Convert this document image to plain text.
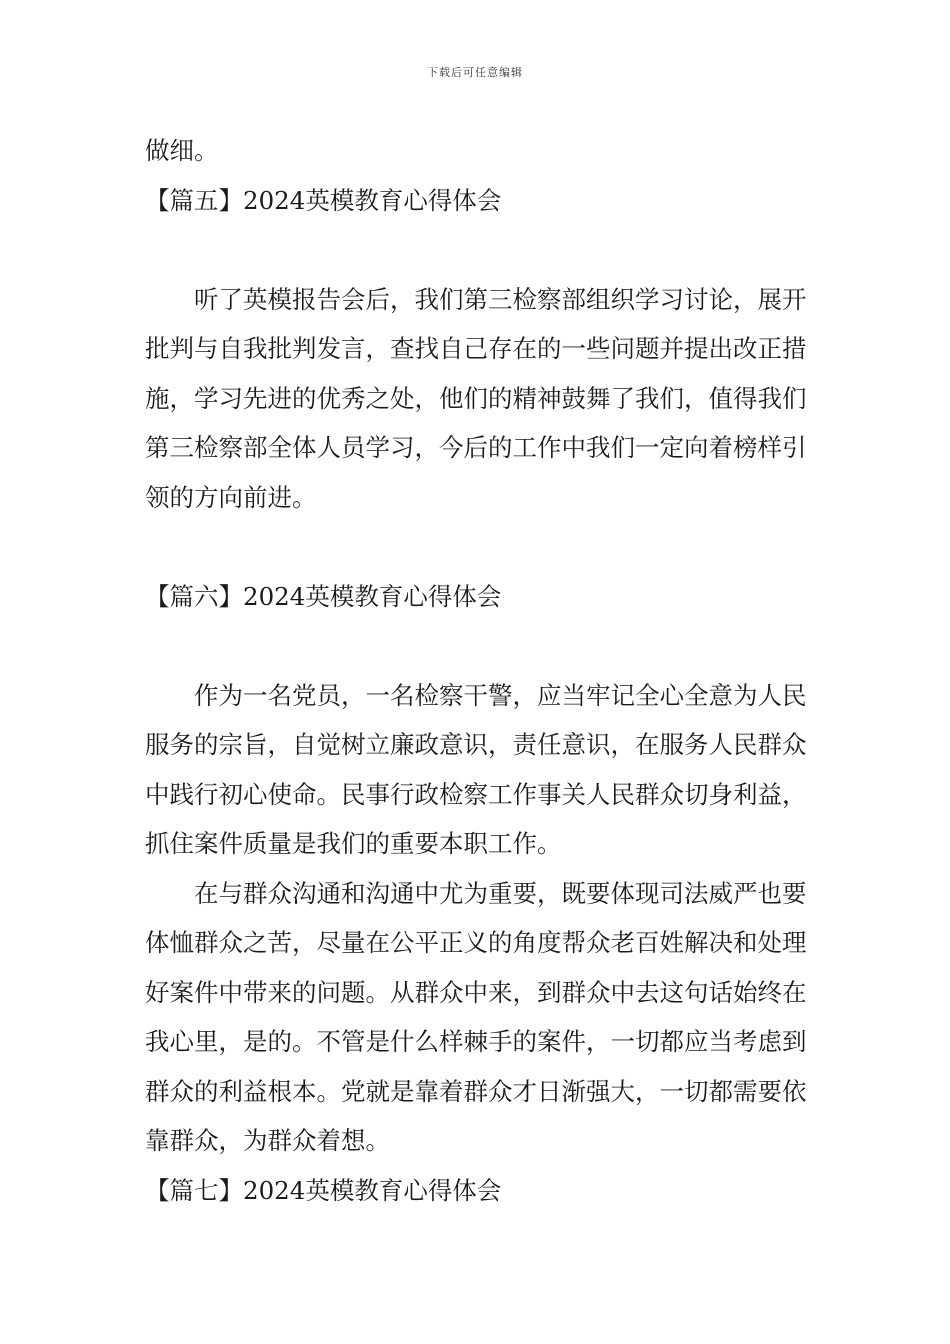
下载后可任意编辑

做细。

【篇五】2024英模教育心得体会

听了英模报告会后，我们第三检察部组织学习讨论，展开批判与自我批判发言，查找自己存在的一些问题并提出改正措施，学习先进的优秀之处，他们的精神鼓舞了我们，值得我们第三检察部全体人员学习，今后的工作中我们一定向着榜样引领的方向前进。

【篇六】2024英模教育心得体会

作为一名党员，一名检察干警，应当牢记全心全意为人民服务的宗旨，自觉树立廉政意识，责任意识，在服务人民群众中践行初心使命。民事行政检察工作事关人民群众切身利益，抓住案件质量是我们的重要本职工作。

在与群众沟通和沟通中尤为重要，既要体现司法威严也要体恤群众之苦，尽量在公平正义的角度帮众老百姓解决和处理好案件中带来的问题。从群众中来，到群众中去这句话始终在我心里，是的。不管是什么样棘手的案件，一切都应当考虑到群众的利益根本。党就是靠着群众才日渐强大，一切都需要依靠群众，为群众着想。

【篇七】2024英模教育心得体会
